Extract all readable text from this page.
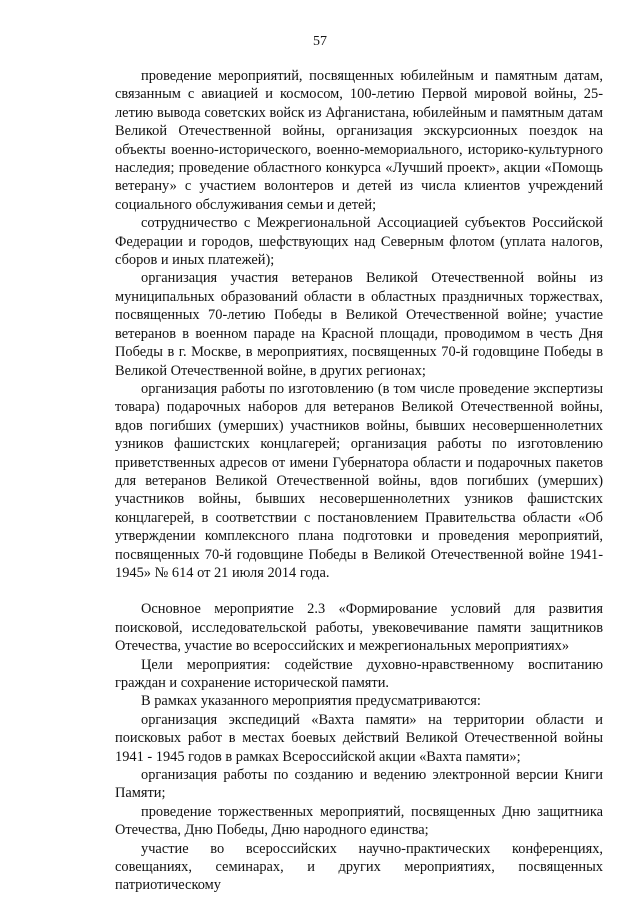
57

проведение мероприятий, посвященных юбилейным и памятным датам, связанным с авиацией и космосом, 100-летию Первой мировой войны, 25-летию вывода советских войск из Афганистана, юбилейным и памятным датам Великой Отечественной войны, организация экскурсионных поездок на объекты военно-исторического, военно-мемориального, историко-культурного наследия; проведение областного конкурса «Лучший проект», акции «Помощь ветерану» с участием волонтеров и детей из числа клиентов учреждений социального обслуживания семьи и детей;

сотрудничество с Межрегиональной Ассоциацией субъектов Российской Федерации и городов, шефствующих над Северным флотом (уплата налогов, сборов и иных платежей);

организация участия ветеранов Великой Отечественной войны из муниципальных образований области в областных праздничных торжествах, посвященных 70-летию Победы в Великой Отечественной войне; участие ветеранов в военном параде на Красной площади, проводимом в честь Дня Победы в г. Москве, в мероприятиях, посвященных 70-й годовщине Победы в Великой Отечественной войне, в других регионах;

организация работы по изготовлению (в том числе проведение экспертизы товара) подарочных наборов для ветеранов Великой Отечественной войны, вдов погибших (умерших) участников войны, бывших несовершеннолетних узников фашистских концлагерей; организация работы по изготовлению приветственных адресов от имени Губернатора области и подарочных пакетов для ветеранов Великой Отечественной войны, вдов погибших (умерших) участников войны, бывших несовершеннолетних узников фашистских концлагерей, в соответствии с постановлением Правительства области «Об утверждении комплексного плана подготовки и проведения мероприятий, посвященных 70-й годовщине Победы в Великой Отечественной войне 1941-1945» № 614 от 21 июля 2014 года.

Основное мероприятие 2.3 «Формирование условий для развития поисковой, исследовательской работы, увековечивание памяти защитников Отечества, участие во всероссийских и межрегиональных мероприятиях»

Цели мероприятия: содействие духовно-нравственному воспитанию граждан и сохранение исторической памяти.

В рамках указанного мероприятия предусматриваются:

организация экспедиций «Вахта памяти» на территории области и поисковых работ в местах боевых действий Великой Отечественной войны 1941 - 1945 годов в рамках Всероссийской акции «Вахта памяти»;

организация работы по созданию и ведению электронной версии Книги Памяти;

проведение торжественных мероприятий, посвященных Дню защитника Отечества, Дню Победы, Дню народного единства;

участие во всероссийских научно-практических конференциях, совещаниях, семинарах, и других мероприятиях, посвященных патриотическому
